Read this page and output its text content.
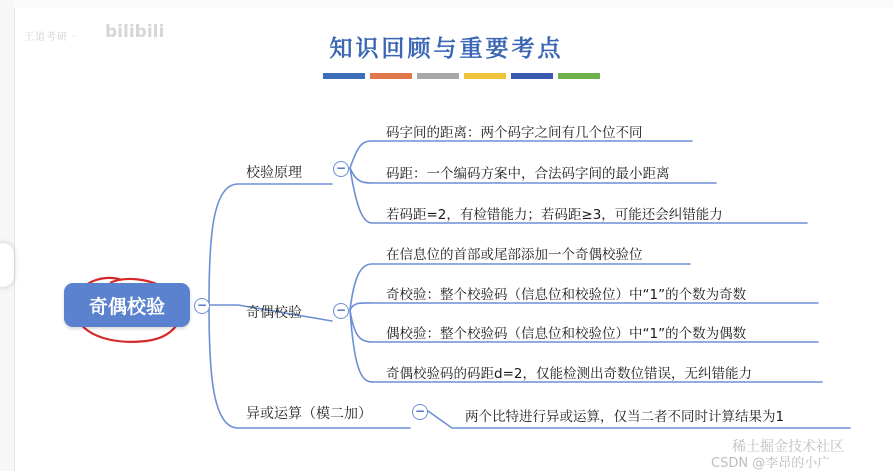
王道考研 · bilibili
知识回顾与重要考点
奇偶校验	−
校验原理	−
码字间的距离：两个码字之间有几个位不同
码距：一个编码方案中，合法码字间的最小距离
若码距=2，有检错能力；若码距≥3，可能还会纠错能力
奇偶校验	−
在信息位的首部或尾部添加一个奇偶校验位
奇校验：整个校验码（信息位和校验位）中“1”的个数为奇数
偶校验：整个校验码（信息位和校验位）中“1”的个数为偶数
奇偶校验码的码距d=2，仅能检测出奇数位错误，无纠错能力
异或运算（模二加）	−	两个比特进行异或运算，仅当二者不同时计算结果为1
稀土掘金技术社区
CSDN @李昂的小广
